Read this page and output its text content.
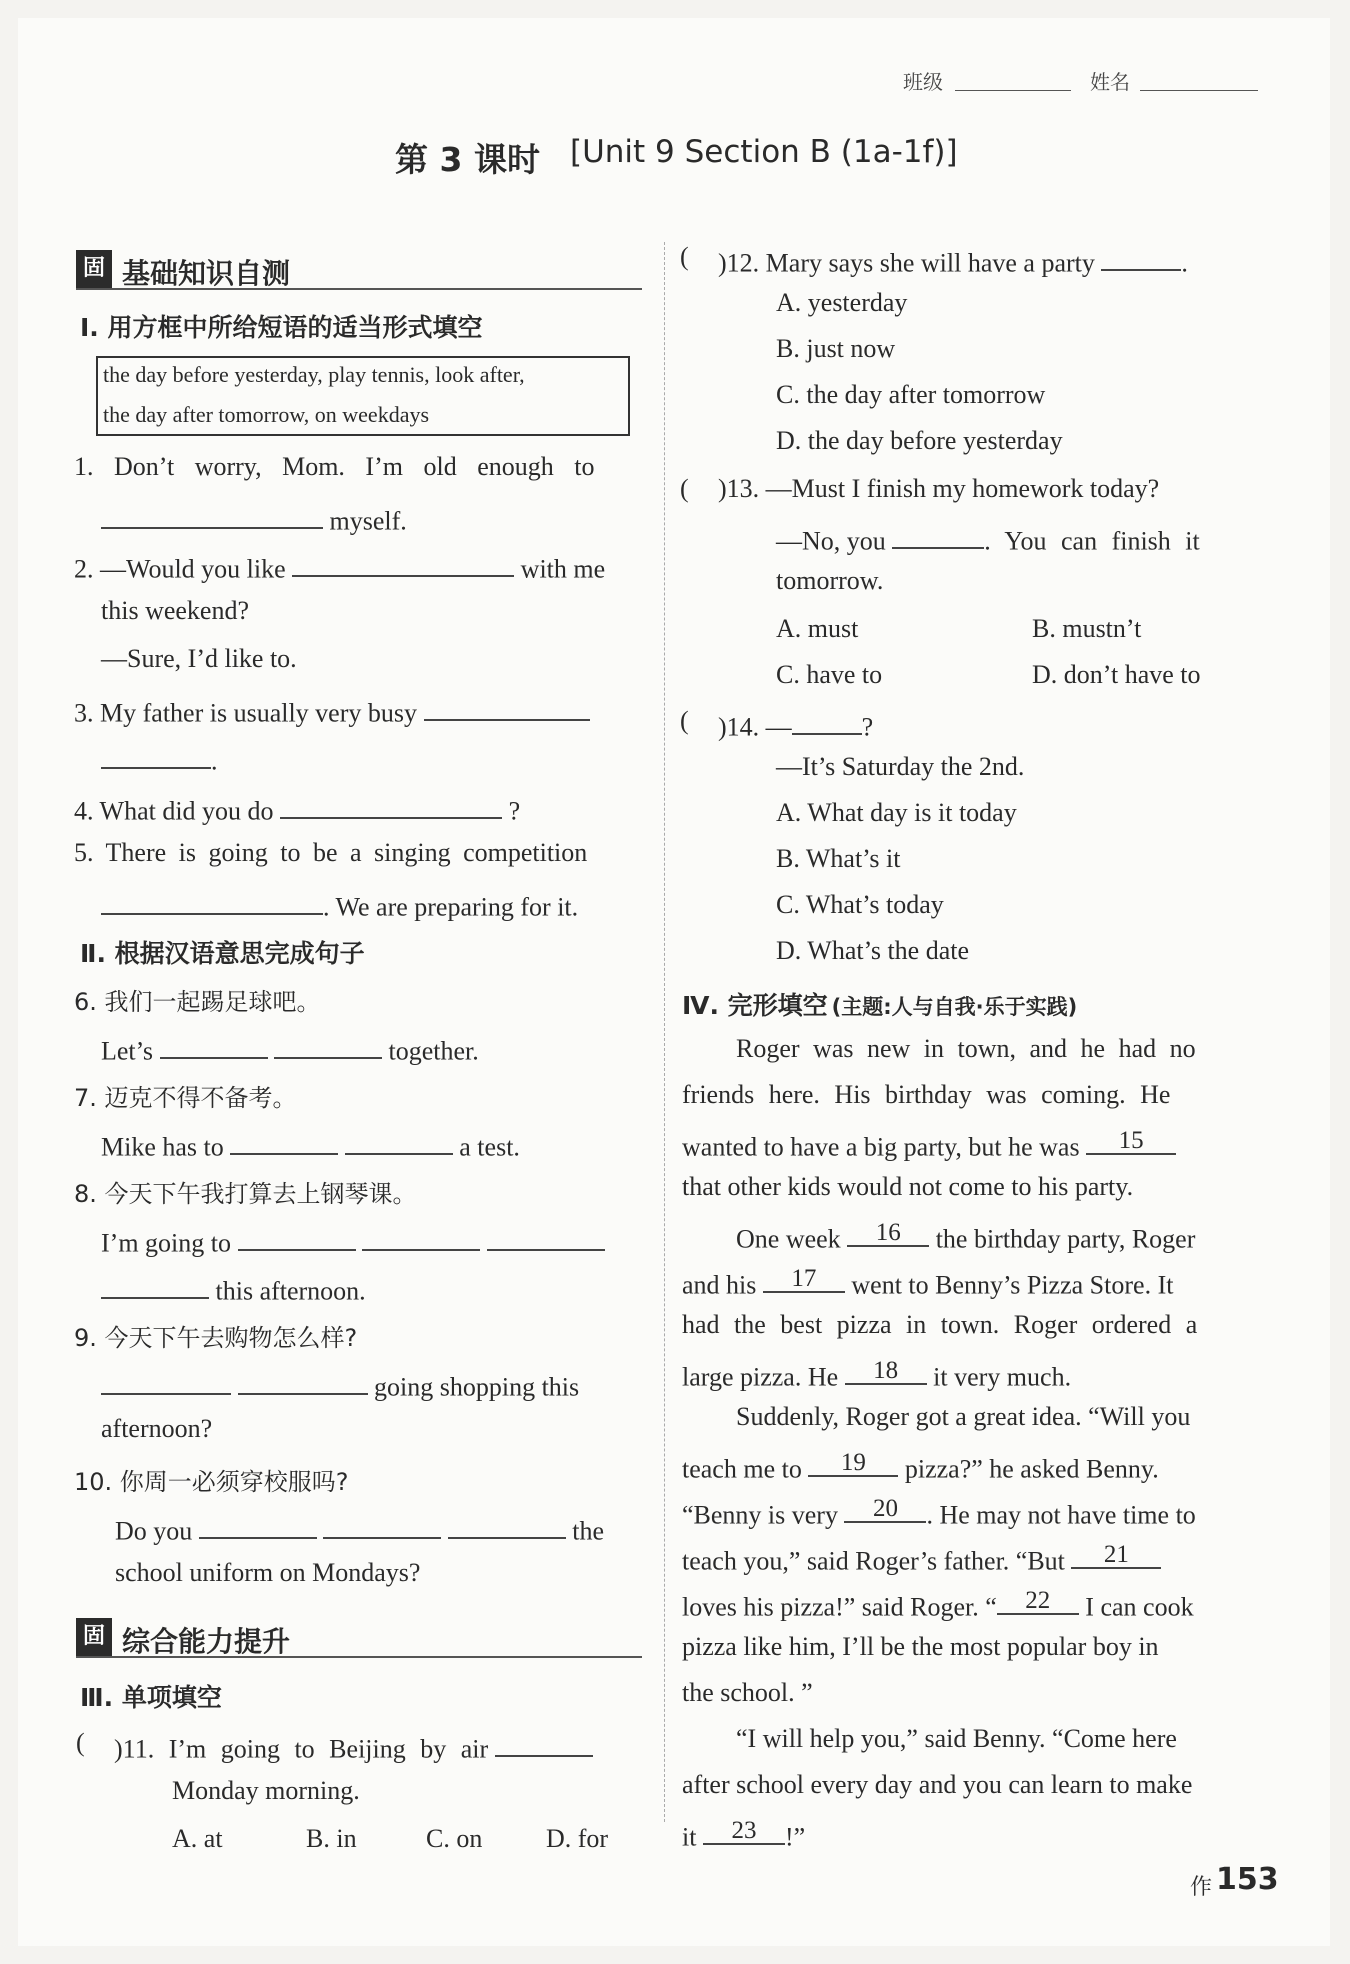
班级	姓名
第 3 课时 [Unit 9 Section B (1a-1f)]
固 基础知识自测
Ⅰ. 用方框中所给短语的适当形式填空
the day before yesterday, play tennis, look after,
the day after tomorrow, on weekdays
1. Don’t worry, Mom. I’m old enough to
myself.
2. —Would you like	with me
this weekend?
—Sure, I’d like to.
3. My father is usually very busy
.
4. What did you do	?
5. There is going to be a singing competition
. We are preparing for it.
Ⅱ. 根据汉语意思完成句子
6. 我们一起踢足球吧。
Let’s	together.
7. 迈克不得不备考。
Mike has to	a test.
8. 今天下午我打算去上钢琴课。
I’m going to
this afternoon.
9. 今天下午去购物怎么样?
going shopping this
afternoon?
10. 你周一必须穿校服吗?
Do you	the
school uniform on Mondays?
固 综合能力提升
Ⅲ. 单项填空
( )11. I’m going to Beijing by air
Monday morning.
A. at	B. in	C. on D. for
( )12. Mary says she will have a party	.
A. yesterday
B. just now
C. the day after tomorrow
D. the day before yesterday
( )13. —Must I finish my homework today?
—No, you	. You can finish it
tomorrow.
A. must	B. mustn’t
C. have to	D. don’t have to
( )14. —	?
—It’s Saturday the 2nd.
A. What day is it today
B. What’s it
C. What’s today
D. What’s the date
Ⅳ. 完形填空 (主题:人与自我·乐于实践)
Roger was new in town, and he had no
friends here. His birthday was coming. He
wanted to have a big party, but he was	15
that other kids would not come to his party.
One week	16	the birthday party, Roger
and his	17	went to Benny’s Pizza Store. It
had the best pizza in town. Roger ordered a
large pizza. He	18	it very much.
Suddenly, Roger got a great idea. “Will you
teach me to	19	pizza?” he asked Benny.
“Benny is very	20	. He may not have time to
teach you,” said Roger’s father. “But	21
loves his pizza!” said Roger. “	22	I can cook
pizza like him, I’ll be the most popular boy in
the school. ”
“I will help you,” said Benny. “Come here
after school every day and you can learn to make
it	23	!”
作 153
